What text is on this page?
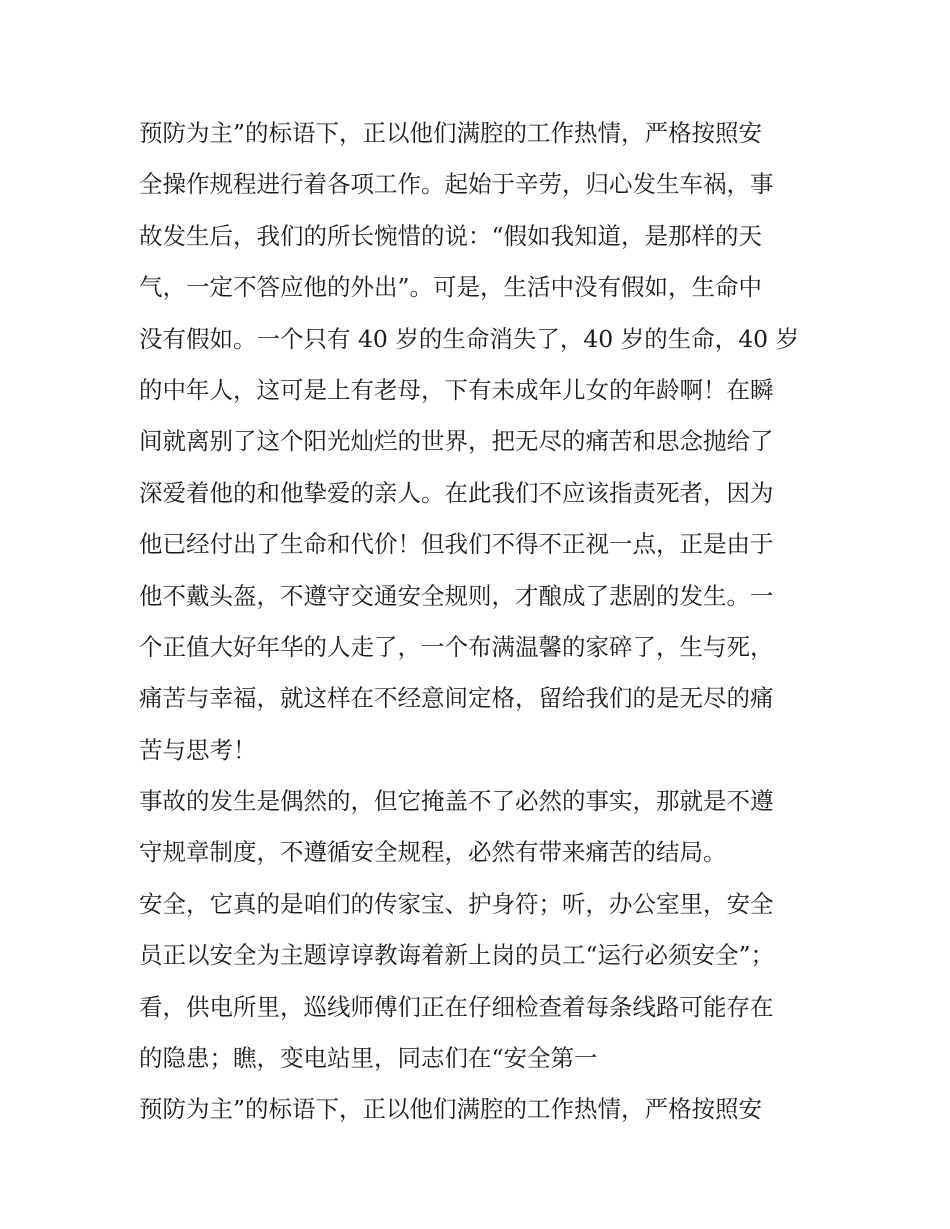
预防为主”的标语下，正以他们满腔的工作热情，严格按照安
全操作规程进行着各项工作。起始于辛劳，归心发生车祸，事
故发生后，我们的所长惋惜的说：“假如我知道，是那样的天
气，一定不答应他的外出”。可是，生活中没有假如，生命中
没有假如。一个只有 40 岁的生命消失了，40 岁的生命，40 岁
的中年人，这可是上有老母，下有未成年儿女的年龄啊！在瞬
间就离别了这个阳光灿烂的世界，把无尽的痛苦和思念抛给了
深爱着他的和他挚爱的亲人。在此我们不应该指责死者，因为
他已经付出了生命和代价！但我们不得不正视一点，正是由于
他不戴头盔，不遵守交通安全规则，才酿成了悲剧的发生。一
个正值大好年华的人走了，一个布满温馨的家碎了，生与死，
痛苦与幸福，就这样在不经意间定格，留给我们的是无尽的痛
苦与思考！
事故的发生是偶然的，但它掩盖不了必然的事实，那就是不遵
守规章制度，不遵循安全规程，必然有带来痛苦的结局。
安全，它真的是咱们的传家宝、护身符；听，办公室里，安全
员正以安全为主题谆谆教诲着新上岗的员工“运行必须安全”；
看，供电所里，巡线师傅们正在仔细检查着每条线路可能存在
的隐患；瞧，变电站里，同志们在“安全第一
预防为主”的标语下，正以他们满腔的工作热情，严格按照安
